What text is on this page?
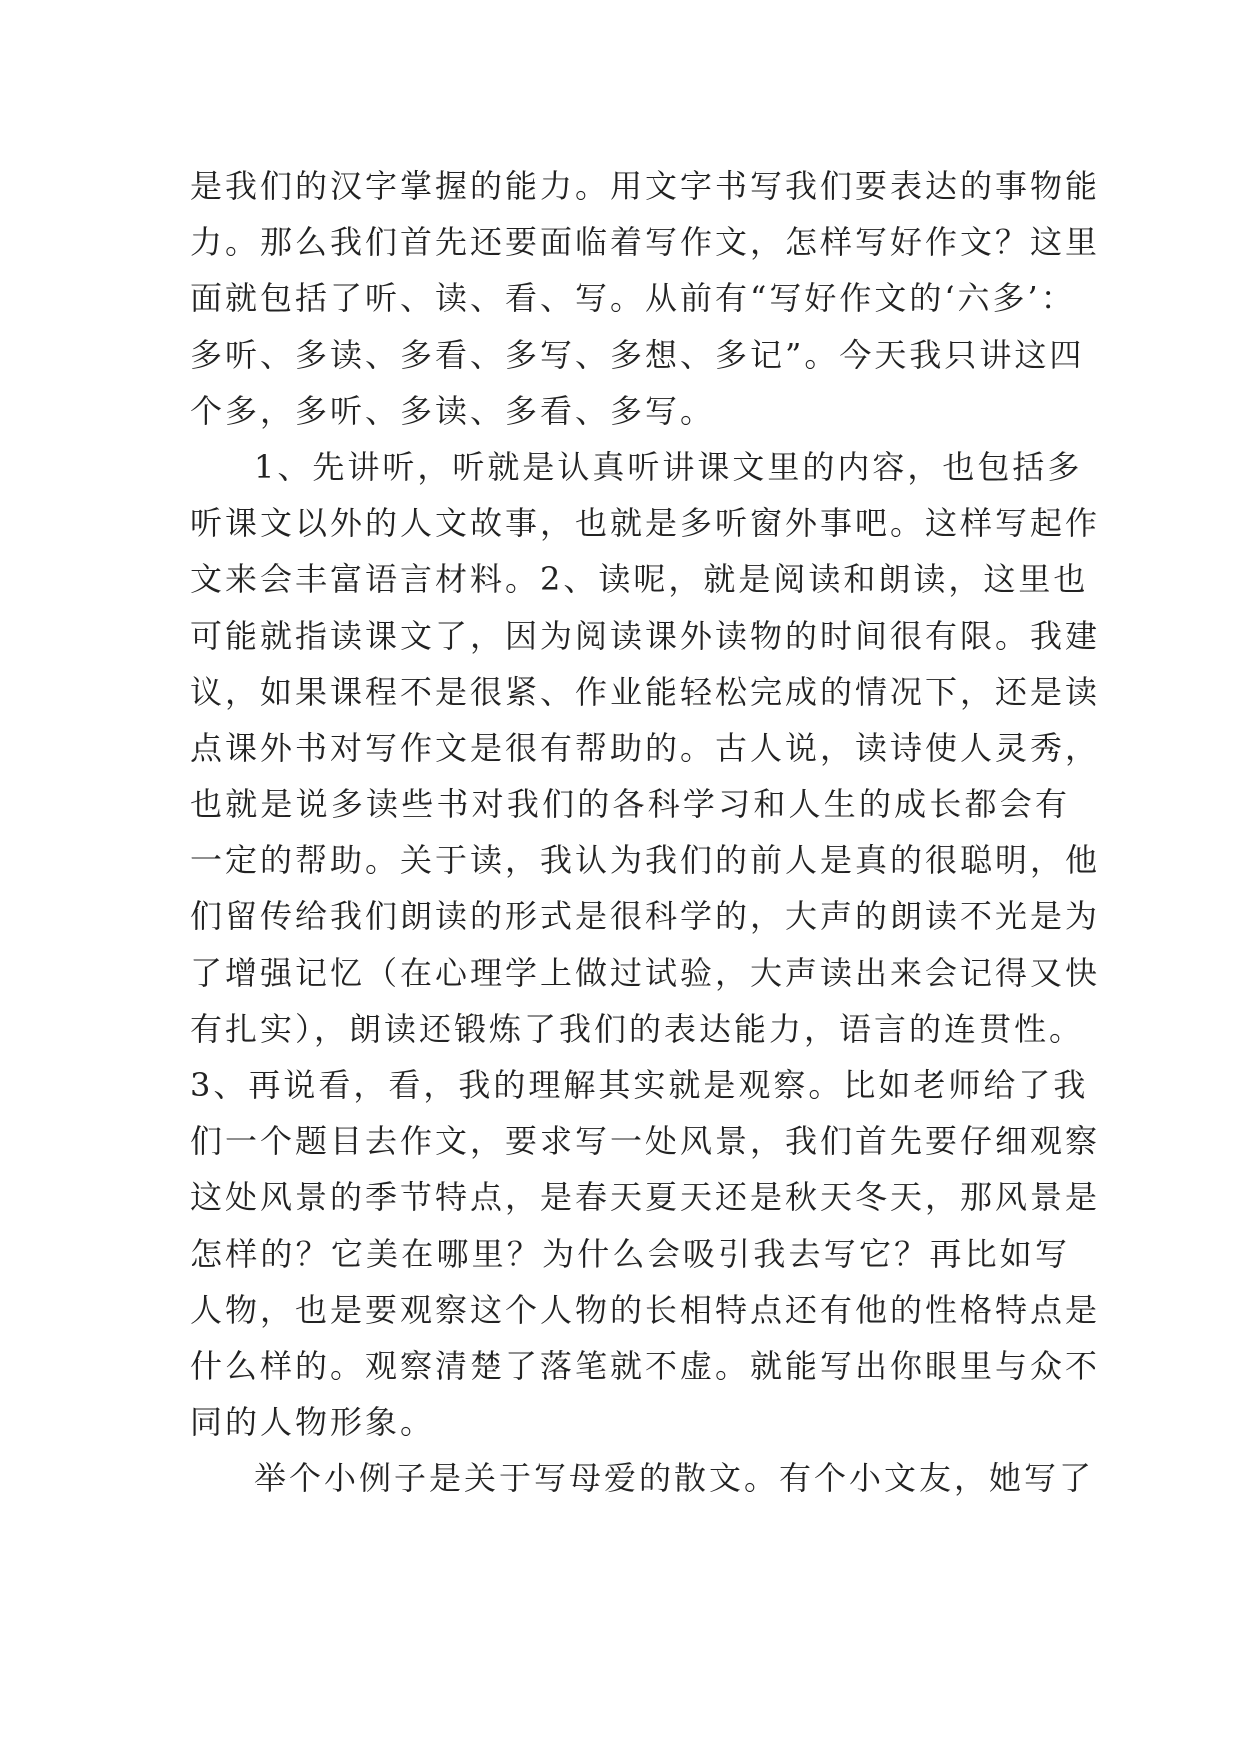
是我们的汉字掌握的能力。用文字书写我们要表达的事物能
力。那么我们首先还要面临着写作文，怎样写好作文？这里
面就包括了听、读、看、写。从前有“写好作文的‘六多’：
多听、多读、多看、多写、多想、多记”。今天我只讲这四
个多，多听、多读、多看、多写。
1、先讲听，听就是认真听讲课文里的内容，也包括多
听课文以外的人文故事，也就是多听窗外事吧。这样写起作
文来会丰富语言材料。2、读呢，就是阅读和朗读，这里也
可能就指读课文了，因为阅读课外读物的时间很有限。我建
议，如果课程不是很紧、作业能轻松完成的情况下，还是读
点课外书对写作文是很有帮助的。古人说，读诗使人灵秀，
也就是说多读些书对我们的各科学习和人生的成长都会有
一定的帮助。关于读，我认为我们的前人是真的很聪明，他
们留传给我们朗读的形式是很科学的，大声的朗读不光是为
了增强记忆（在心理学上做过试验，大声读出来会记得又快
有扎实），朗读还锻炼了我们的表达能力，语言的连贯性。
3、再说看，看，我的理解其实就是观察。比如老师给了我
们一个题目去作文，要求写一处风景，我们首先要仔细观察
这处风景的季节特点，是春天夏天还是秋天冬天，那风景是
怎样的？它美在哪里？为什么会吸引我去写它？再比如写
人物，也是要观察这个人物的长相特点还有他的性格特点是
什么样的。观察清楚了落笔就不虚。就能写出你眼里与众不
同的人物形象。
举个小例子是关于写母爱的散文。有个小文友，她写了
